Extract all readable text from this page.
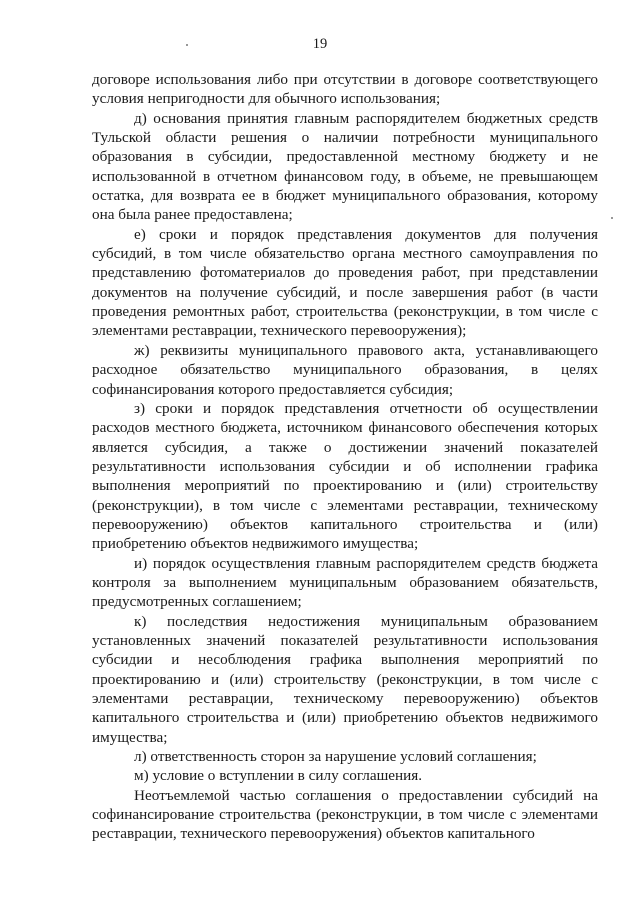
19

договоре использования либо при отсутствии в договоре соответствующего условия непригодности для обычного использования;

д) основания принятия главным распорядителем бюджетных средств Тульской области решения о наличии потребности муниципального образования в субсидии, предоставленной местному бюджету и не использованной в отчетном финансовом году, в объеме, не превышающем остатка, для возврата ее в бюджет муниципального образования, которому она была ранее предоставлена;

е) сроки и порядок представления документов для получения субсидий, в том числе обязательство органа местного самоуправления по представлению фотоматериалов до проведения работ, при представлении документов на получение субсидий, и после завершения работ (в части проведения ремонтных работ, строительства (реконструкции, в том числе с элементами реставрации, технического перевооружения);

ж) реквизиты муниципального правового акта, устанавливающего расходное обязательство муниципального образования, в целях софинансирования которого предоставляется субсидия;

з) сроки и порядок представления отчетности об осуществлении расходов местного бюджета, источником финансового обеспечения которых является субсидия, а также о достижении значений показателей результативности использования субсидии и об исполнении графика выполнения мероприятий по проектированию и (или) строительству (реконструкции), в том числе с элементами реставрации, техническому перевооружению) объектов капитального строительства и (или) приобретению объектов недвижимого имущества;

и) порядок осуществления главным распорядителем средств бюджета контроля за выполнением муниципальным образованием обязательств, предусмотренных соглашением;

к) последствия недостижения муниципальным образованием установленных значений показателей результативности использования субсидии и несоблюдения графика выполнения мероприятий по проектированию и (или) строительству (реконструкции, в том числе с элементами реставрации, техническому перевооружению) объектов капитального строительства и (или) приобретению объектов недвижимого имущества;

л) ответственность сторон за нарушение условий соглашения;

м) условие о вступлении в силу соглашения.

Неотъемлемой частью соглашения о предоставлении субсидий на софинансирование строительства (реконструкции, в том числе с элементами реставрации, технического перевооружения) объектов капитального
